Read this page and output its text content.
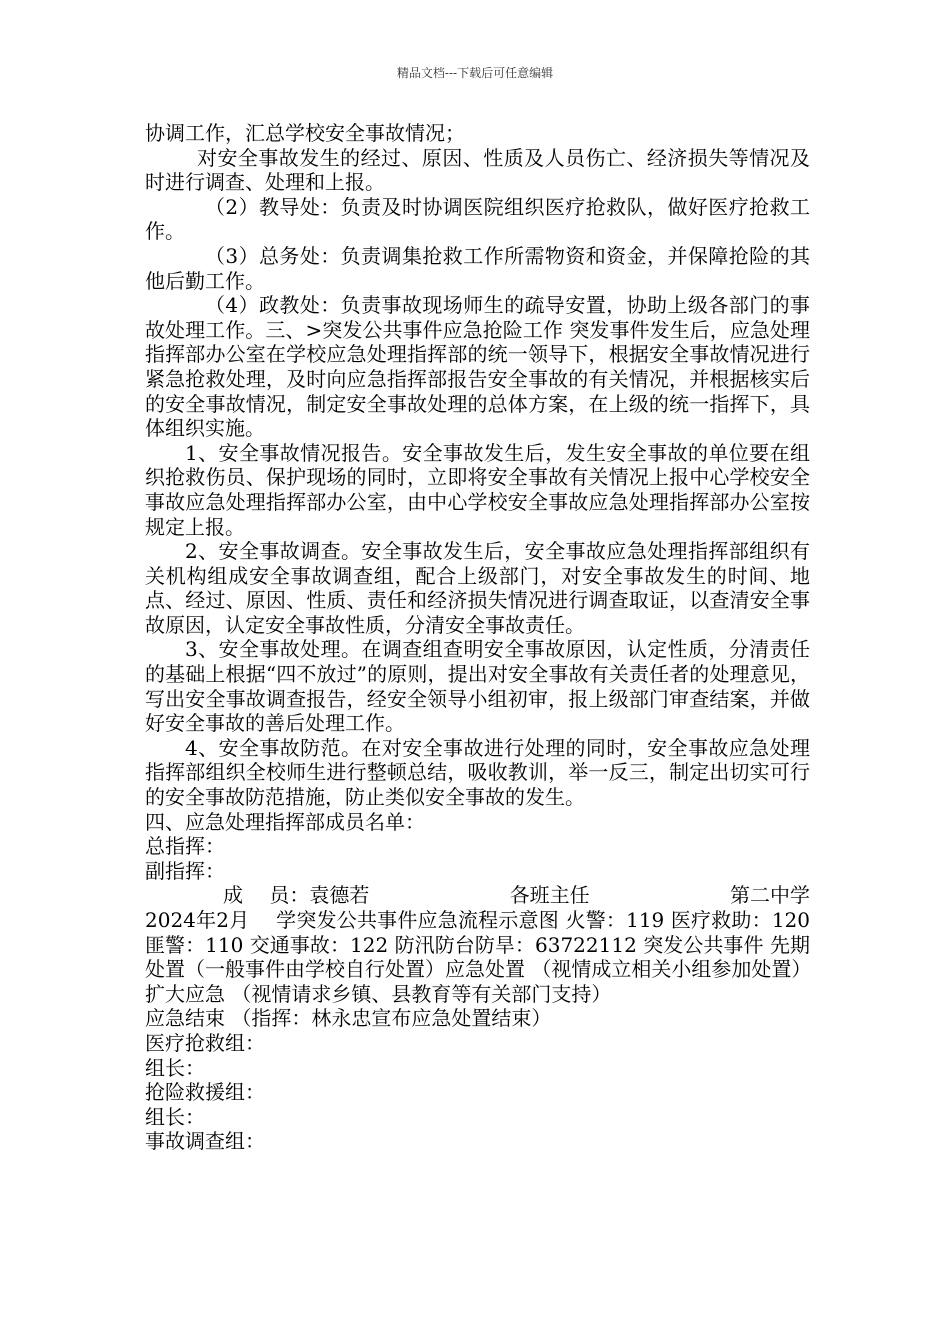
精品文档---下载后可任意编辑

协调工作，汇总学校安全事故情况；

对安全事故发生的经过、原因、性质及人员伤亡、经济损失等情况及时进行调查、处理和上报。

（2）教导处：负责及时协调医院组织医疗抢救队，做好医疗抢救工作。

（3）总务处：负责调集抢救工作所需物资和资金，并保障抢险的其他后勤工作。

（4）政教处：负责事故现场师生的疏导安置，协助上级各部门的事故处理工作。三、>突发公共事件应急抢险工作 突发事件发生后，应急处理指挥部办公室在学校应急处理指挥部的统一领导下，根据安全事故情况进行紧急抢救处理，及时向应急指挥部报告安全事故的有关情况，并根据核实后的安全事故情况，制定安全事故处理的总体方案，在上级的统一指挥下，具体组织实施。

1、安全事故情况报告。安全事故发生后，发生安全事故的单位要在组织抢救伤员、保护现场的同时，立即将安全事故有关情况上报中心学校安全事故应急处理指挥部办公室，由中心学校安全事故应急处理指挥部办公室按规定上报。

2、安全事故调查。安全事故发生后，安全事故应急处理指挥部组织有关机构组成安全事故调查组，配合上级部门，对安全事故发生的时间、地点、经过、原因、性质、责任和经济损失情况进行调查取证，以查清安全事故原因，认定安全事故性质，分清安全事故责任。

3、安全事故处理。在调查组查明安全事故原因，认定性质，分清责任的基础上根据“四不放过”的原则，提出对安全事故有关责任者的处理意见，写出安全事故调查报告，经安全领导小组初审，报上级部门审查结案，并做好安全事故的善后处理工作。

4、安全事故防范。在对安全事故进行处理的同时，安全事故应急处理指挥部组织全校师生进行整顿总结，吸收教训，举一反三，制定出切实可行的安全事故防范措施，防止类似安全事故的发生。

四、应急处理指挥部成员名单：

总指挥：

副指挥：

成　 员：袁德若	各班主任	第二中学

2024年2月　 学突发公共事件应急流程示意图 火警：119 医疗救助：120 匪警：110 交通事故：122 防汛防台防旱：63722112 突发公共事件 先期处置（一般事件由学校自行处置）应急处置 （视情成立相关小组参加处置）

扩大应急 （视情请求乡镇、县教育等有关部门支持）

应急结束 （指挥：林永忠宣布应急处置结束）

医疗抢救组：

组长：

抢险救援组：

组长：

事故调查组：
